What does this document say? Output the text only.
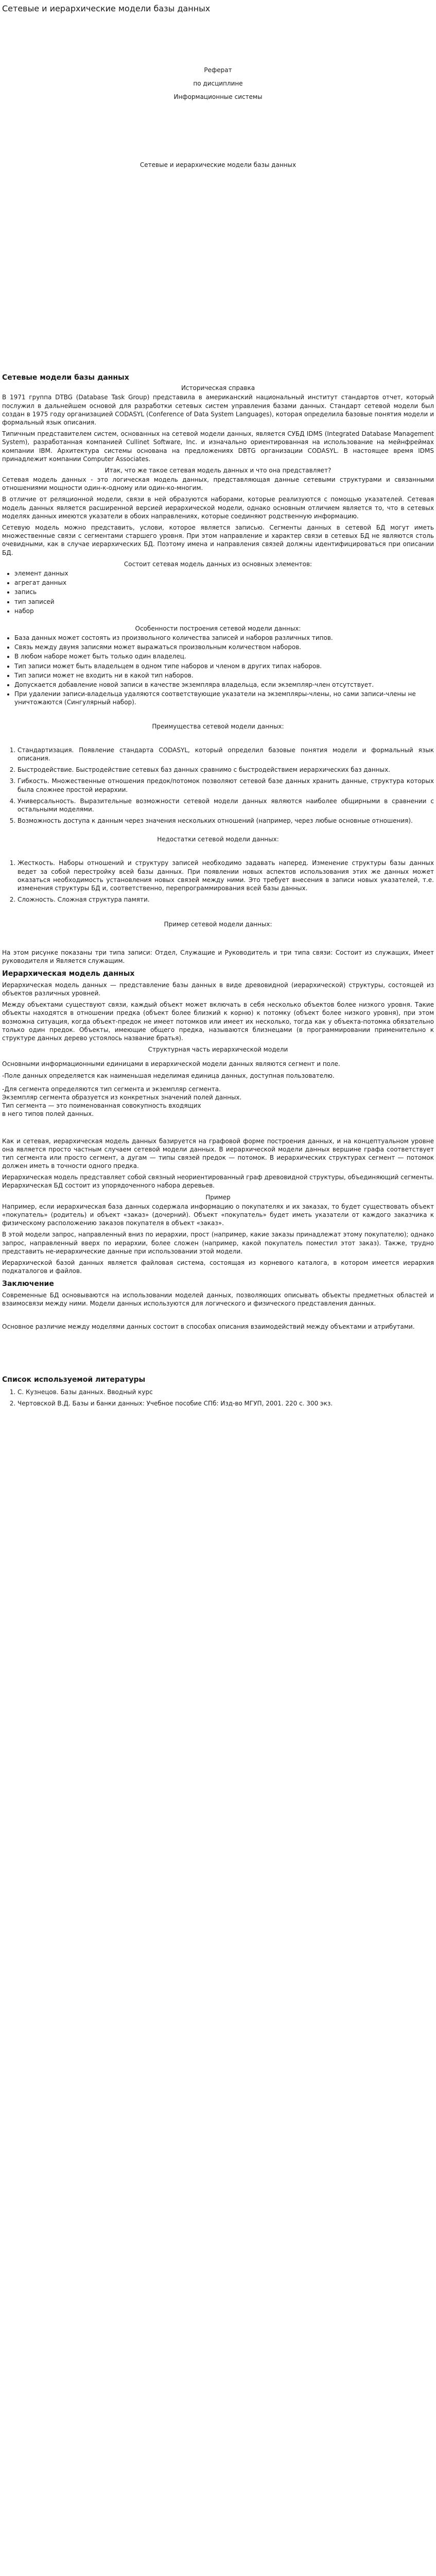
Сетевые и иерархические модели базы данных

Реферат

по дисциплине

Информационные системы

Сетевые и иерархические модели базы данных

Сетевые модели базы данных

Историческая справка

В 1971 группа DTBG (Database Task Group) представила в американский национальный институт стандартов отчет, который послужил в дальнейшем основой для разработки сетевых систем управления базами данных. Стандарт сетевой модели был создан в 1975 году организацией CODASYL (Conference of Data System Languages), которая определила базовые понятия модели и формальный язык описания.

Типичным представителем систем, основанных на сетевой модели данных, является СУБД IDMS (Integrated Database Management System), разработанная компанией Cullinet Software, Inc. и изначально ориентированная на использование на мейнфреймах компании IBM. Архитектура системы основана на предложениях DBTG организации CODASYL. В настоящее время IDMS принадлежит компании Computer Associates.

Итак, что же такое сетевая модель данных и что она представляет?

Сетевая модель данных - это логическая модель данных, представляющая данные сетевыми структурами и связанными отношениями мощности один-к-одному или один-ко-многим.

В отличие от реляционной модели, связи в ней образуются наборами, которые реализуются с помощью указателей. Сетевая модель данных является расширенной версией иерархической модели, однако основным отличием является то, что в сетевых моделях данных имеются указатели в обоих направлениях, которые соединяют родственную информацию.

Сетевую модель можно представить, услови, которое является записью. Сегменты данных в сетевой БД могут иметь множественные связи с сегментами старшего уровня. При этом направление и характер связи в сетевых БД не являются столь очевидными, как в случае иерархических БД. Поэтому имена и направления связей должны идентифицироваться при описании БД.

Состоит сетевая модель данных из основных элементов:

• элемент данных
• агрегат данных
• запись
• тип записей
• набор

Особенности построения сетевой модели данных:

• База данных может состоять из произвольного количества записей и наборов различных типов.
• Связь между двумя записями может выражаться произвольным количеством наборов.
• В любом наборе может быть только один владелец.
• Тип записи может быть владельцем в одном типе наборов и членом в других типах наборов.
• Тип записи может не входить ни в какой тип наборов.
• Допускается добавление новой записи в качестве экземпляра владельца, если экземпляр-член отсутствует.
• При удалении записи-владельца удаляются соответствующие указатели на экземпляры-члены, но сами записи-члены не уничтожаются (Сингулярный набор).

Преимущества сетевой модели данных:

1. Стандартизация. Появление стандарта CODASYL, который определил базовые понятия модели и формальный язык описания.
2. Быстродействие. Быстродействие сетевых баз данных сравнимо с быстродействием иерархических баз данных.
3. Гибкость. Множественные отношения предок/потомок позволяют сетевой базе данных хранить данные, структура которых была сложнее простой иерархии.
4. Универсальность. Выразительные возможности сетевой модели данных являются наиболее общирными в сравнении с остальными моделями.
5. Возможность доступа к данным через значения нескольких отношений (например, через любые основные отношения).

Недостатки сетевой модели данных:

1. Жесткость. Наборы отношений и структуру записей необходимо задавать наперед. Изменение структуры базы данных ведет за собой перестройку всей базы данных. При появлении новых аспектов использования этих же данных может оказаться необходимость установления новых связей между ними. Это требует внесения в записи новых указателей, т.е. изменения структуры БД и, соответственно, перепрограммирования всей базы данных.
2. Сложность. Сложная структура памяти.

Пример сетевой модели данных:

На этом рисунке показаны три типа записи: Отдел, Служащие и Руководитель и три типа связи: Состоит из служащих, Имеет руководителя и Является служащим.

Иерархическая модель данных

Иерархическая модель данных — представление базы данных в виде древовидной (иерархической) структуры, состоящей из объектов различных уровней.

Между объектами существуют связи, каждый объект может включать в себя несколько объектов более низкого уровня. Такие объекты находятся в отношении предка (объект более близкий к корню) к потомку (объект более низкого уровня), при этом возможна ситуация, когда объект-предок не имеет потомков или имеет их несколько, тогда как у объекта-потомка обязательно только один предок. Объекты, имеющие общего предка, называются близнецами (в программировании применительно к структуре данных дерево устоялось название братья).

Структурная часть иерархической модели

Основными информационными единицами в иерархической модели данных являются сегмент и поле.

-Поле данных определяется как наименьшая неделимая единица данных, доступная пользователю.

-Для сегмента определяются тип сегмента и экземпляр сегмента.

Экземпляр сегмента образуется из конкретных значений полей данных.

Тип сегмента — это поименованная совокупность входящих

в него типов полей данных.

Как и сетевая, иерархическая модель данных базируется на графовой форме построения данных, и на концептуальном уровне она является просто частным случаем сетевой модели данных. В иерархической модели данных вершине графа соответствует тип сегмента или просто сегмент, а дугам — типы связей предок — потомок. В иерархических структурах сегмент — потомок должен иметь в точности одного предка.

Иерархическая модель представляет собой связный неориентированный граф древовидной структуры, объединяющий сегменты. Иерархическая БД состоит из упорядоченного набора деревьев.

Пример

Например, если иерархическая база данных содержала информацию о покупателях и их заказах, то будет существовать объект «покупатель» (родитель) и объект «заказ» (дочерний). Объект «покупатель» будет иметь указатели от каждого заказчика к физическому расположению заказов покупателя в объект «заказ».

В этой модели запрос, направленный вниз по иерархии, прост (например, какие заказы принадлежат этому покупателю); однако запрос, направленный вверх по иерархии, более сложен (например, какой покупатель поместил этот заказ). Также, трудно представить не-иерархические данные при использовании этой модели.

Иерархической базой данных является файловая система, состоящая из корневого каталога, в котором имеется иерархия подкаталогов и файлов.

Заключение

Современные БД основываются на использовании моделей данных, позволяющих описывать объекты предметных областей и взаимосвязи между ними. Модели данных используются для логического и физического представления данных.

Основное различие между моделями данных состоит в способах описания взаимодействий между объектами и атрибутами.

Список используемой литературы
1. С. Кузнецов. Базы данных. Вводный курс
2. Чертовской В.Д. Базы и банки данных: Учебное пособие СПб: Изд-во МГУП, 2001. 220 с. 300 экз.
